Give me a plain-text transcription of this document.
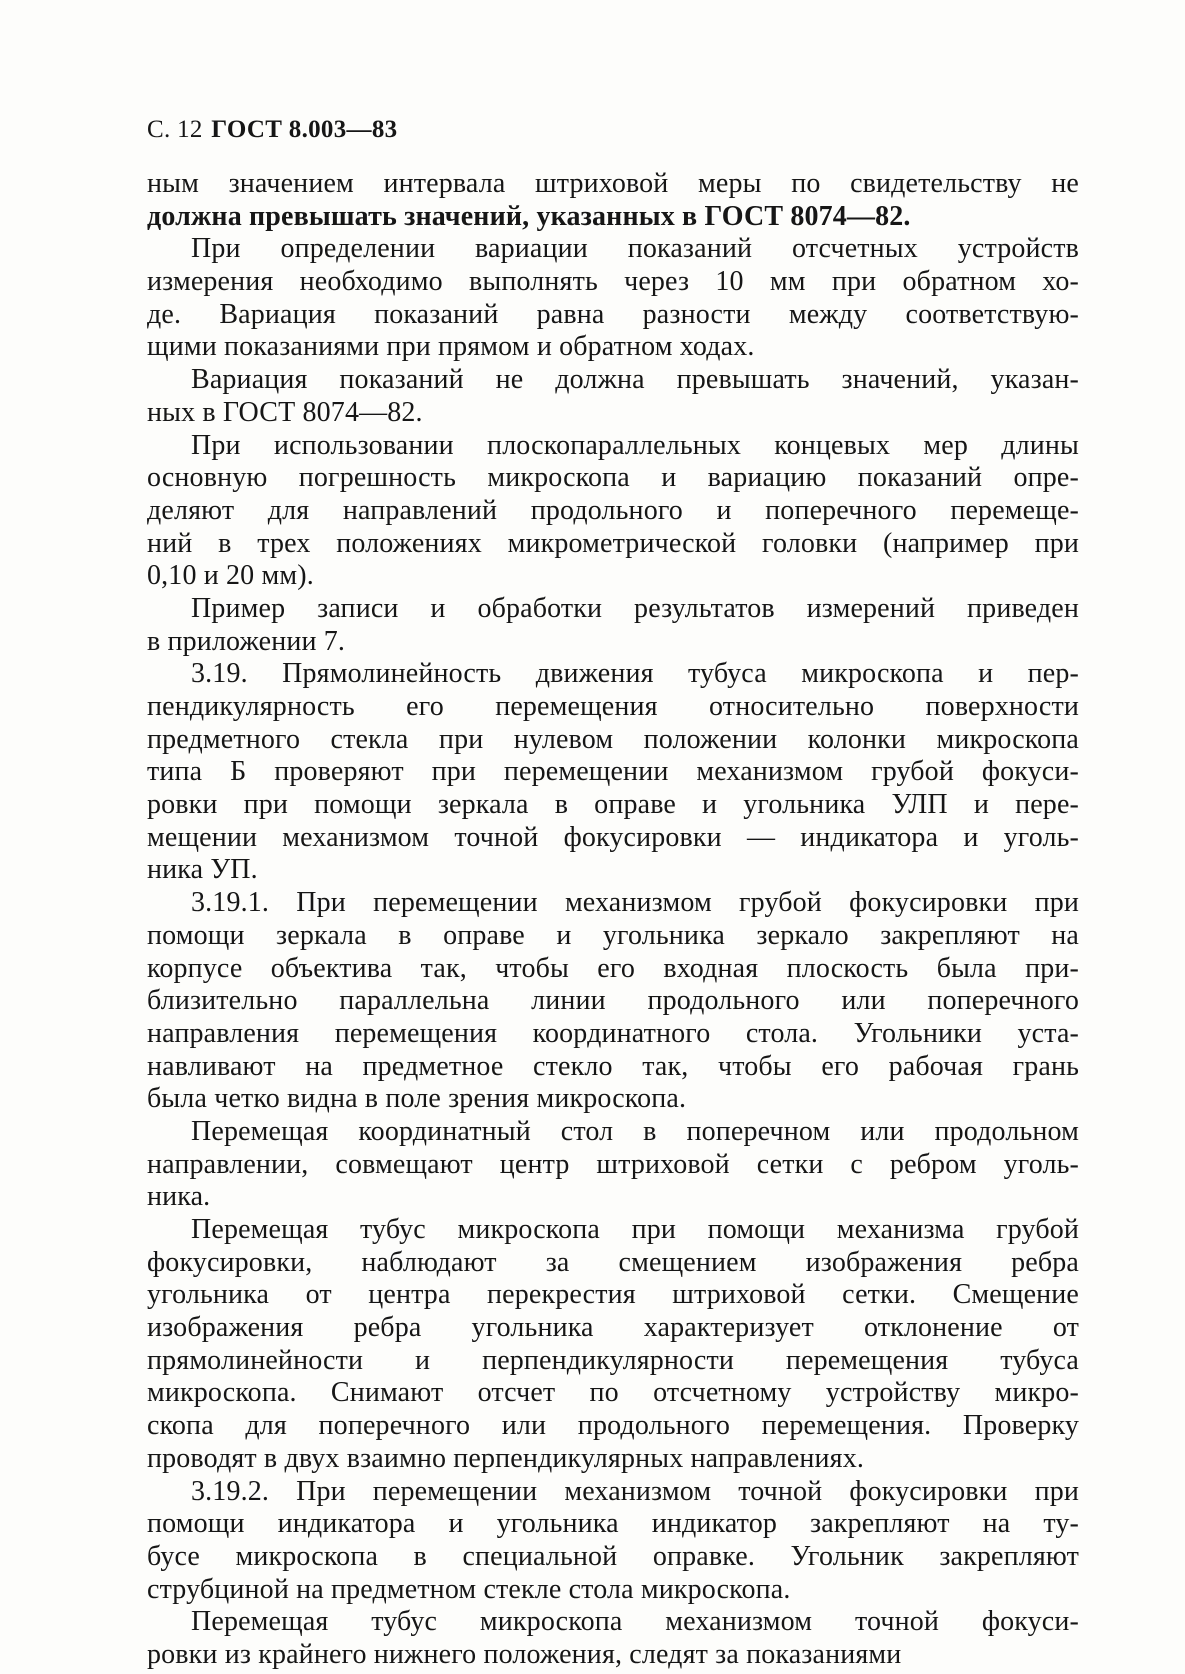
С. 12 ГОСТ 8.003—83
ным значением интервала штриховой меры по свидетельству не
должна превышать значений, указанных в ГОСТ 8074—82.
При определении вариации показаний отсчетных устройств
измерения необходимо выполнять через 10 мм при обратном хо-
де. Вариация показаний равна разности между соответствую-
щими показаниями при прямом и обратном ходах.
Вариация показаний не должна превышать значений, указан-
ных в ГОСТ 8074—82.
При использовании плоскопараллельных концевых мер длины
основную погрешность микроскопа и вариацию показаний опре-
деляют для направлений продольного и поперечного перемеще-
ний в трех положениях микрометрической головки (например при
0,10 и 20 мм).
Пример записи и обработки результатов измерений приведен
в приложении 7.
3.19. Прямолинейность движения тубуса микроскопа и пер-
пендикулярность его перемещения относительно поверхности
предметного стекла при нулевом положении колонки микроскопа
типа Б проверяют при перемещении механизмом грубой фокуси-
ровки при помощи зеркала в оправе и угольника УЛП и пере-
мещении механизмом точной фокусировки — индикатора и уголь-
ника УП.
3.19.1. При перемещении механизмом грубой фокусировки при
помощи зеркала в оправе и угольника зеркало закрепляют на
корпусе объектива так, чтобы его входная плоскость была при-
близительно параллельна линии продольного или поперечного
направления перемещения координатного стола. Угольники уста-
навливают на предметное стекло так, чтобы его рабочая грань
была четко видна в поле зрения микроскопа.
Перемещая координатный стол в поперечном или продольном
направлении, совмещают центр штриховой сетки с ребром уголь-
ника.
Перемещая тубус микроскопа при помощи механизма грубой
фокусировки, наблюдают за смещением изображения ребра
угольника от центра перекрестия штриховой сетки. Смещение
изображения ребра угольника характеризует отклонение от
прямолинейности и перпендикулярности перемещения тубуса
микроскопа. Снимают отсчет по отсчетному устройству микро-
скопа для поперечного или продольного перемещения. Проверку
проводят в двух взаимно перпендикулярных направлениях.
3.19.2. При перемещении механизмом точной фокусировки при
помощи индикатора и угольника индикатор закрепляют на ту-
бусе микроскопа в специальной оправке. Угольник закрепляют
струбциной на предметном стекле стола микроскопа.
Перемещая тубус микроскопа механизмом точной фокуси-
ровки из крайнего нижнего положения, следят за показаниями
